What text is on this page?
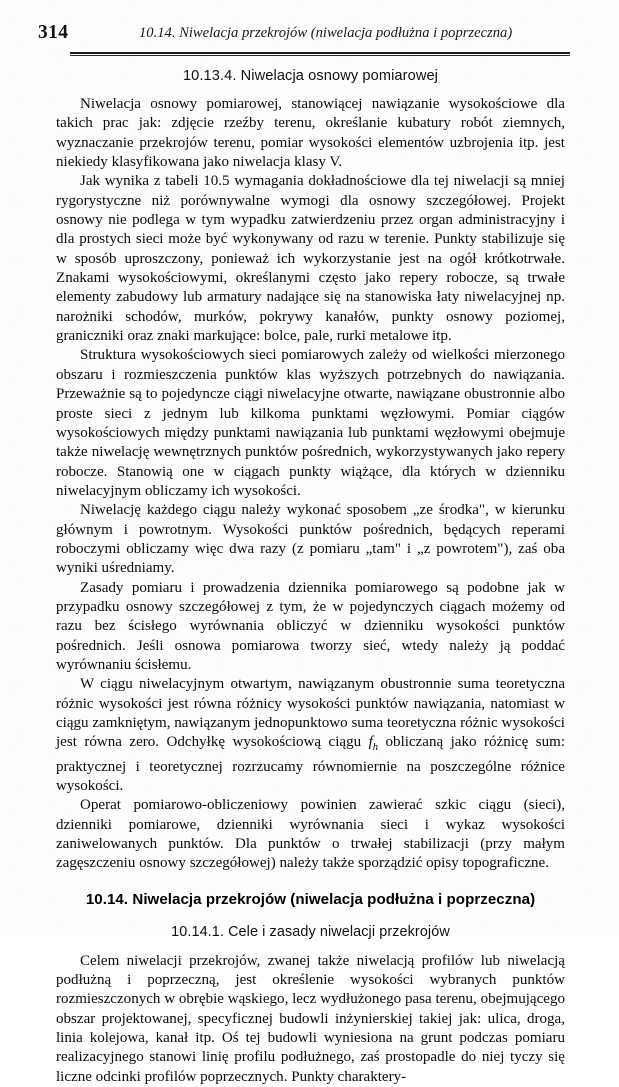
314	10.14. Niwelacja przekrojów (niwelacja podłużna i poprzeczna)
10.13.4. Niwelacja osnowy pomiarowej

Niwelacja osnowy pomiarowej, stanowiącej nawiązanie wysokościowe dla takich prac jak: zdjęcie rzeźby terenu, określanie kubatury robót ziemnych, wyznaczanie przekrojów terenu, pomiar wysokości elementów uzbrojenia itp. jest niekiedy klasyfikowana jako niwelacja klasy V.

Jak wynika z tabeli 10.5 wymagania dokładnościowe dla tej niwelacji są mniej rygorystyczne niż porównywalne wymogi dla osnowy szczegółowej. Projekt osnowy nie podlega w tym wypadku zatwierdzeniu przez organ administracyjny i dla prostych sieci może być wykonywany od razu w terenie. Punkty stabilizuje się w sposób uproszczony, ponieważ ich wykorzystanie jest na ogół krótkotrwałe. Znakami wysokościowymi, określanymi często jako repery robocze, są trwałe elementy zabudowy lub armatury nadające się na stanowiska łaty niwelacyjnej np. narożniki schodów, murków, pokrywy kanałów, punkty osnowy poziomej, graniczniki oraz znaki markujące: bolce, pale, rurki metalowe itp.

Struktura wysokościowych sieci pomiarowych zależy od wielkości mierzonego obszaru i rozmieszczenia punktów klas wyższych potrzebnych do nawiązania. Przeważnie są to pojedyncze ciągi niwelacyjne otwarte, nawiązane obustronnie albo proste sieci z jednym lub kilkoma punktami węzłowymi. Pomiar ciągów wysokościowych między punktami nawiązania lub punktami węzłowymi obejmuje także niwelację wewnętrznych punktów pośrednich, wykorzystywanych jako repery robocze. Stanowią one w ciągach punkty wiążące, dla których w dzienniku niwelacyjnym obliczamy ich wysokości.

Niwelację każdego ciągu należy wykonać sposobem „ze środka", w kierunku głównym i powrotnym. Wysokości punktów pośrednich, będących reperami roboczymi obliczamy więc dwa razy (z pomiaru „tam" i „z powrotem"), zaś oba wyniki uśredniamy.

Zasady pomiaru i prowadzenia dziennika pomiarowego są podobne jak w przypadku osnowy szczegółowej z tym, że w pojedynczych ciągach możemy od razu bez ścisłego wyrównania obliczyć w dzienniku wysokości punktów pośrednich. Jeśli osnowa pomiarowa tworzy sieć, wtedy należy ją poddać wyrównaniu ścisłemu.

W ciągu niwelacyjnym otwartym, nawiązanym obustronnie suma teoretyczna różnic wysokości jest równa różnicy wysokości punktów nawiązania, natomiast w ciągu zamkniętym, nawiązanym jednopunktowo suma teoretyczna różnic wysokości jest równa zero. Odchyłkę wysokościową ciągu $f_h$ obliczaną jako różnicę sum: praktycznej i teoretycznej rozrzucamy równomiernie na poszczególne różnice wysokości.

Operat pomiarowo-obliczeniowy powinien zawierać szkic ciągu (sieci), dzienniki pomiarowe, dzienniki wyrównania sieci i wykaz wysokości zaniwelowanych punktów. Dla punktów o trwałej stabilizacji (przy małym zagęszczeniu osnowy szczegółowej) należy także sporządzić opisy topograficzne.

10.14. Niwelacja przekrojów (niwelacja podłużna i poprzeczna)
10.14.1. Cele i zasady niwelacji przekrojów

Celem niwelacji przekrojów, zwanej także niwelacją profilów lub niwelacją podłużną i poprzeczną, jest określenie wysokości wybranych punktów rozmieszczonych w obrębie wąskiego, lecz wydłużonego pasa terenu, obejmującego obszar projektowanej, specyficznej budowli inżynierskiej takiej jak: ulica, droga, linia kolejowa, kanał itp. Oś tej budowli wyniesiona na grunt podczas pomiaru realizacyjnego stanowi linię profilu podłużnego, zaś prostopadle do niej tyczy się liczne odcinki profilów poprzecznych. Punkty charaktery-
